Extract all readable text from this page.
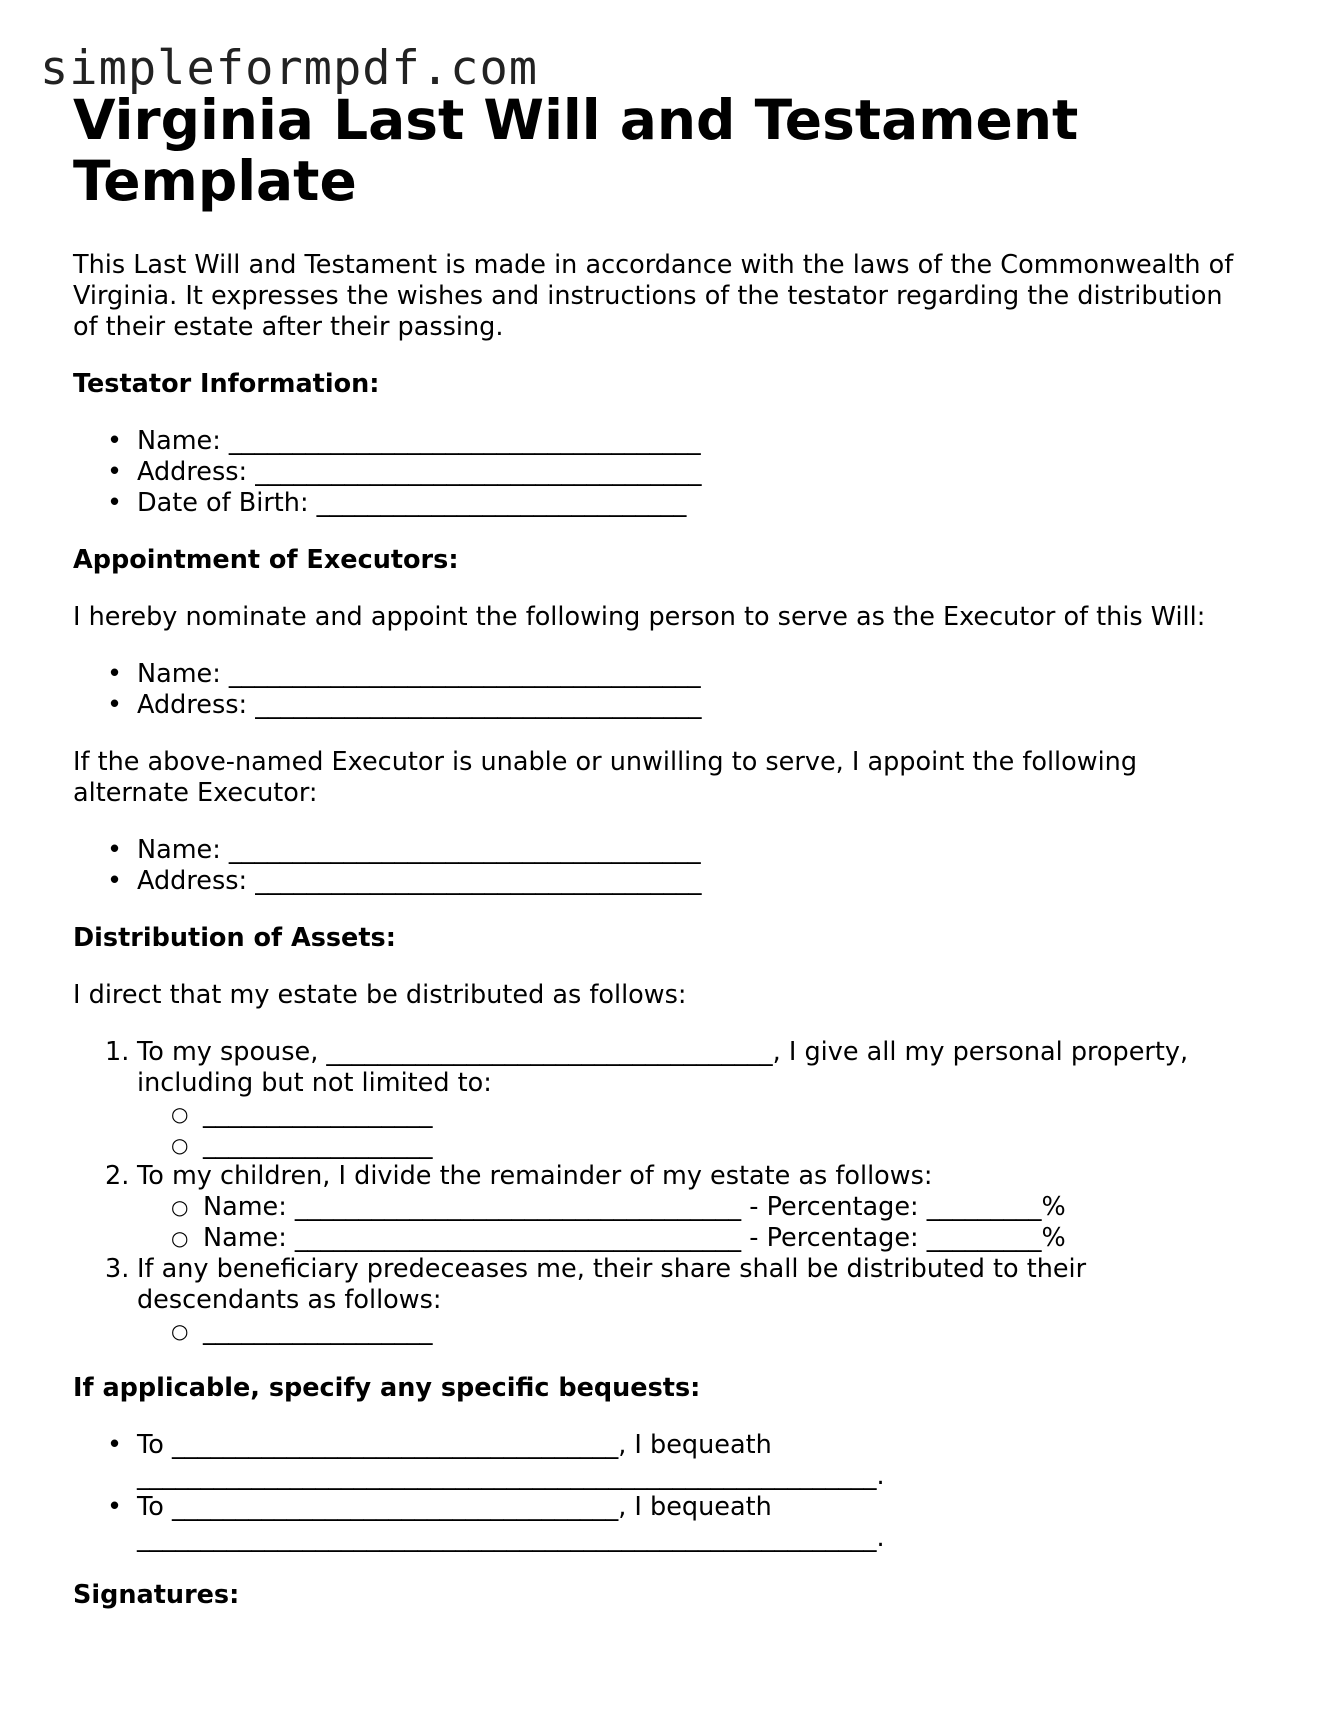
simpleformpdf.com
Virginia Last Will and Testament Template

This Last Will and Testament is made in accordance with the laws of the Commonwealth of Virginia. It expresses the wishes and instructions of the testator regarding the distribution of their estate after their passing.

Testator Information:

• Name: _____________________________________
• Address: ___________________________________
• Date of Birth: _____________________________

Appointment of Executors:

I hereby nominate and appoint the following person to serve as the Executor of this Will:

• Name: _____________________________________
• Address: ___________________________________

If the above-named Executor is unable or unwilling to serve, I appoint the following alternate Executor:

• Name: _____________________________________
• Address: ___________________________________

Distribution of Assets:

I direct that my estate be distributed as follows:

1. To my spouse, ___________________________________, I give all my personal property,
including but not limited to:
○ __________________
○ __________________
2. To my children, I divide the remainder of my estate as follows:
○ Name: ___________________________________ - Percentage: _________%
○ Name: ___________________________________ - Percentage: _________%
3. If any beneficiary predeceases me, their share shall be distributed to their
descendants as follows:
○ __________________

If applicable, specify any specific bequests:

• To ___________________________________, I bequeath
__________________________________________________________.
• To ___________________________________, I bequeath
__________________________________________________________.

Signatures:
